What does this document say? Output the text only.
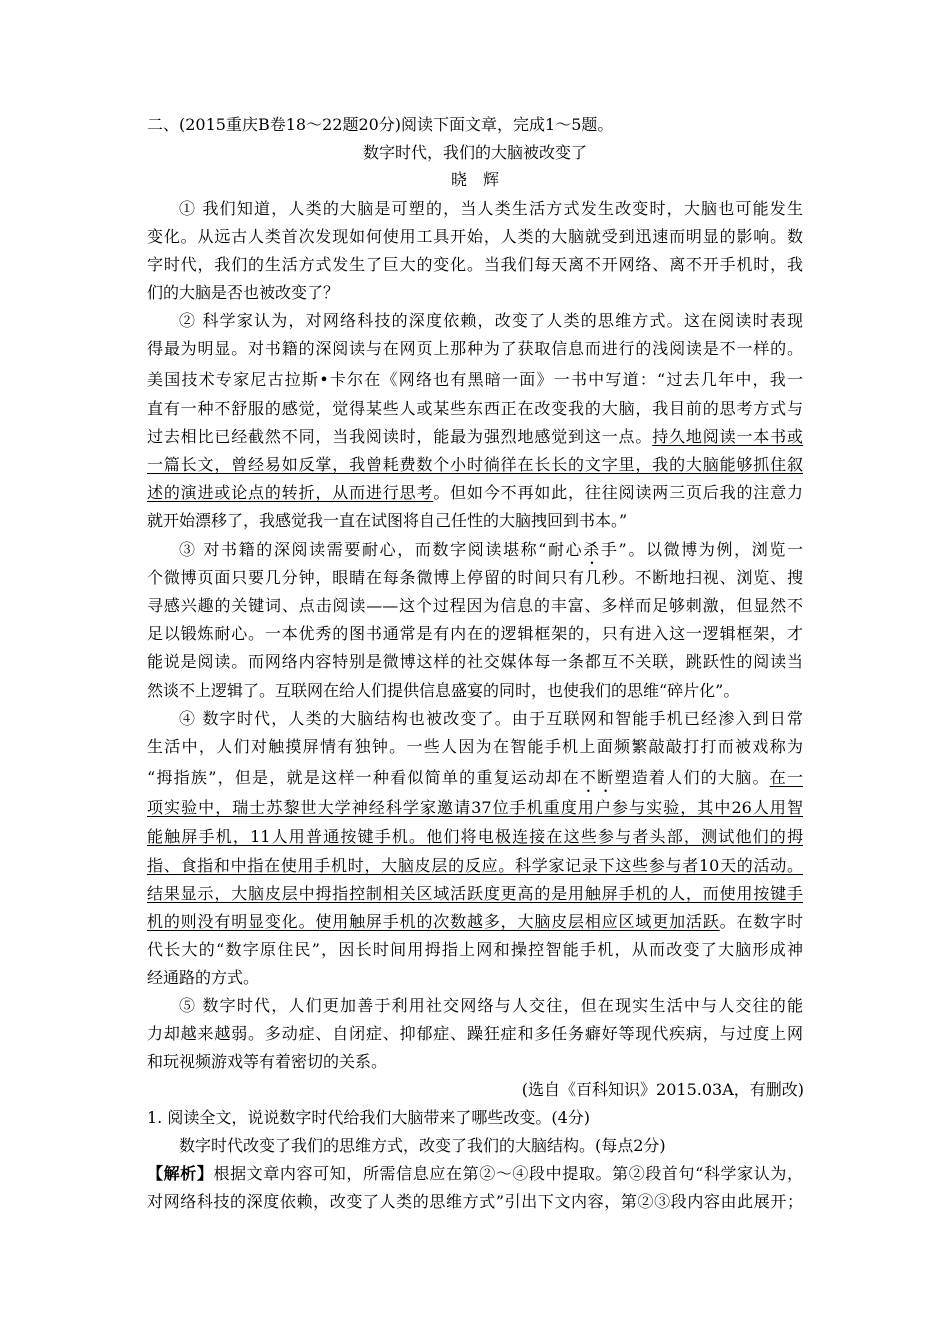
二、(2015重庆B卷18～22题20分)阅读下面文章，完成1～5题。
数字时代，我们的大脑被改变了
晓　辉
① 我们知道，人类的大脑是可塑的，当人类生活方式发生改变时，大脑也可能发生
变化。从远古人类首次发现如何使用工具开始，人类的大脑就受到迅速而明显的影响。数
字时代，我们的生活方式发生了巨大的变化。当我们每天离不开网络、离不开手机时，我
们的大脑是否也被改变了？
② 科学家认为，对网络科技的深度依赖，改变了人类的思维方式。这在阅读时表现
得最为明显。对书籍的深阅读与在网页上那种为了获取信息而进行的浅阅读是不一样的。
美国技术专家尼古拉斯•卡尔在《网络也有黑暗一面》一书中写道：“过去几年中，我一
直有一种不舒服的感觉，觉得某些人或某些东西正在改变我的大脑，我目前的思考方式与
过去相比已经截然不同，当我阅读时，能最为强烈地感觉到这一点。持久地阅读一本书或
一篇长文，曾经易如反掌，我曾耗费数个小时徜徉在长长的文字里，我的大脑能够抓住叙
述的演进或论点的转折，从而进行思考。但如今不再如此，往往阅读两三页后我的注意力
就开始漂移了，我感觉我一直在试图将自己任性的大脑拽回到书本。”
③ 对书籍的深阅读需要耐心，而数字阅读堪称“耐心杀手”。以微博为例，浏览一
个微博页面只要几分钟，眼睛在每条微博上停留的时间只有几秒。不断地扫视、浏览、搜
寻感兴趣的关键词、点击阅读——这个过程因为信息的丰富、多样而足够刺激，但显然不
足以锻炼耐心。一本优秀的图书通常是有内在的逻辑框架的，只有进入这一逻辑框架，才
能说是阅读。而网络内容特别是微博这样的社交媒体每一条都互不关联，跳跃性的阅读当
然谈不上逻辑了。互联网在给人们提供信息盛宴的同时，也使我们的思维“碎片化”。
④ 数字时代，人类的大脑结构也被改变了。由于互联网和智能手机已经渗入到日常
生活中，人们对触摸屏情有独钟。一些人因为在智能手机上面频繁敲敲打打而被戏称为
“拇指族”，但是，就是这样一种看似简单的重复运动却在不断塑造着人们的大脑。在一
项实验中，瑞士苏黎世大学神经科学家邀请37位手机重度用户参与实验，其中26人用智
能触屏手机，11人用普通按键手机。他们将电极连接在这些参与者头部，测试他们的拇
指、食指和中指在使用手机时，大脑皮层的反应。科学家记录下这些参与者10天的活动。
结果显示，大脑皮层中拇指控制相关区域活跃度更高的是用触屏手机的人，而使用按键手
机的则没有明显变化。使用触屏手机的次数越多，大脑皮层相应区域更加活跃。在数字时
代长大的“数字原住民”，因长时间用拇指上网和操控智能手机，从而改变了大脑形成神
经通路的方式。
⑤ 数字时代，人们更加善于利用社交网络与人交往，但在现实生活中与人交往的能
力却越来越弱。多动症、自闭症、抑郁症、躁狂症和多任务癖好等现代疾病，与过度上网
和玩视频游戏等有着密切的关系。
(选自《百科知识》2015.03A，有删改)
1. 阅读全文，说说数字时代给我们大脑带来了哪些改变。(4分)
数字时代改变了我们的思维方式，改变了我们的大脑结构。(每点2分)
【解析】根据文章内容可知，所需信息应在第②～④段中提取。第②段首句“科学家认为，
对网络科技的深度依赖，改变了人类的思维方式”引出下文内容，第②③段内容由此展开；
